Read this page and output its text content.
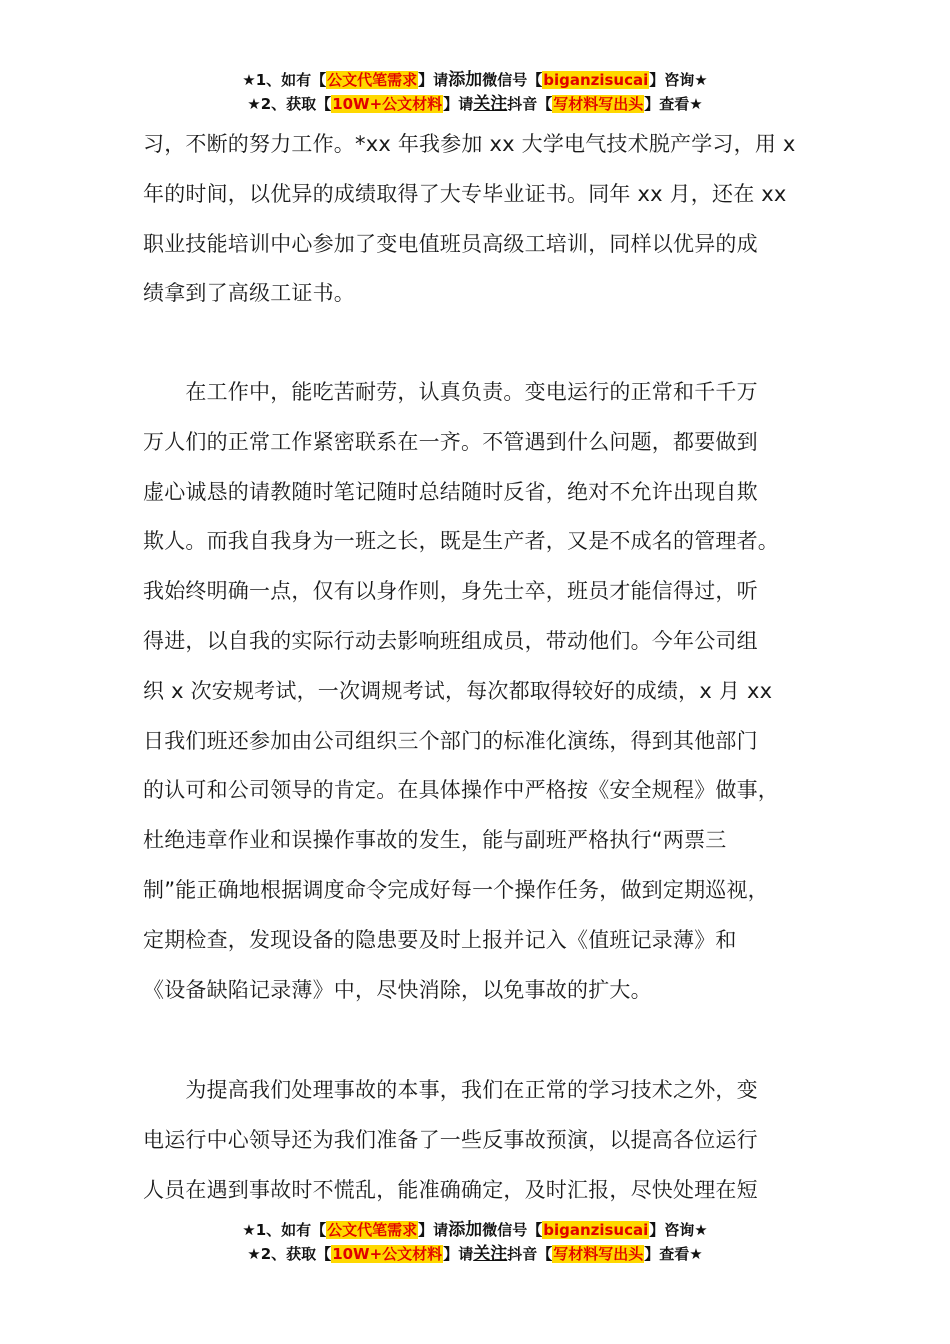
★1、如有【公文代笔需求】请添加微信号【biganzisucai】咨询★
★2、获取【10W+公文材料】请关注抖音【写材料写出头】查看★
习，不断的努力工作。*xx 年我参加 xx 大学电气技术脱产学习，用 x
年的时间，以优异的成绩取得了大专毕业证书。同年 xx 月，还在 xx
职业技能培训中心参加了变电值班员高级工培训，同样以优异的成
绩拿到了高级工证书。
　　在工作中，能吃苦耐劳，认真负责。变电运行的正常和千千万
万人们的正常工作紧密联系在一齐。不管遇到什么问题，都要做到
虚心诚恳的请教随时笔记随时总结随时反省，绝对不允许出现自欺
欺人。而我自我身为一班之长，既是生产者，又是不成名的管理者。
我始终明确一点，仅有以身作则，身先士卒，班员才能信得过，听
得进，以自我的实际行动去影响班组成员，带动他们。今年公司组
织 x 次安规考试，一次调规考试，每次都取得较好的成绩，x 月 xx
日我们班还参加由公司组织三个部门的标准化演练，得到其他部门
的认可和公司领导的肯定。在具体操作中严格按《安全规程》做事，
杜绝违章作业和误操作事故的发生，能与副班严格执行“两票三
制”能正确地根据调度命令完成好每一个操作任务，做到定期巡视，
定期检查，发现设备的隐患要及时上报并记入《值班记录薄》和
《设备缺陷记录薄》中，尽快消除，以免事故的扩大。
　　为提高我们处理事故的本事，我们在正常的学习技术之外，变
电运行中心领导还为我们准备了一些反事故预演，以提高各位运行
人员在遇到事故时不慌乱，能准确确定，及时汇报，尽快处理在短
★1、如有【公文代笔需求】请添加微信号【biganzisucai】咨询★
★2、获取【10W+公文材料】请关注抖音【写材料写出头】查看★
